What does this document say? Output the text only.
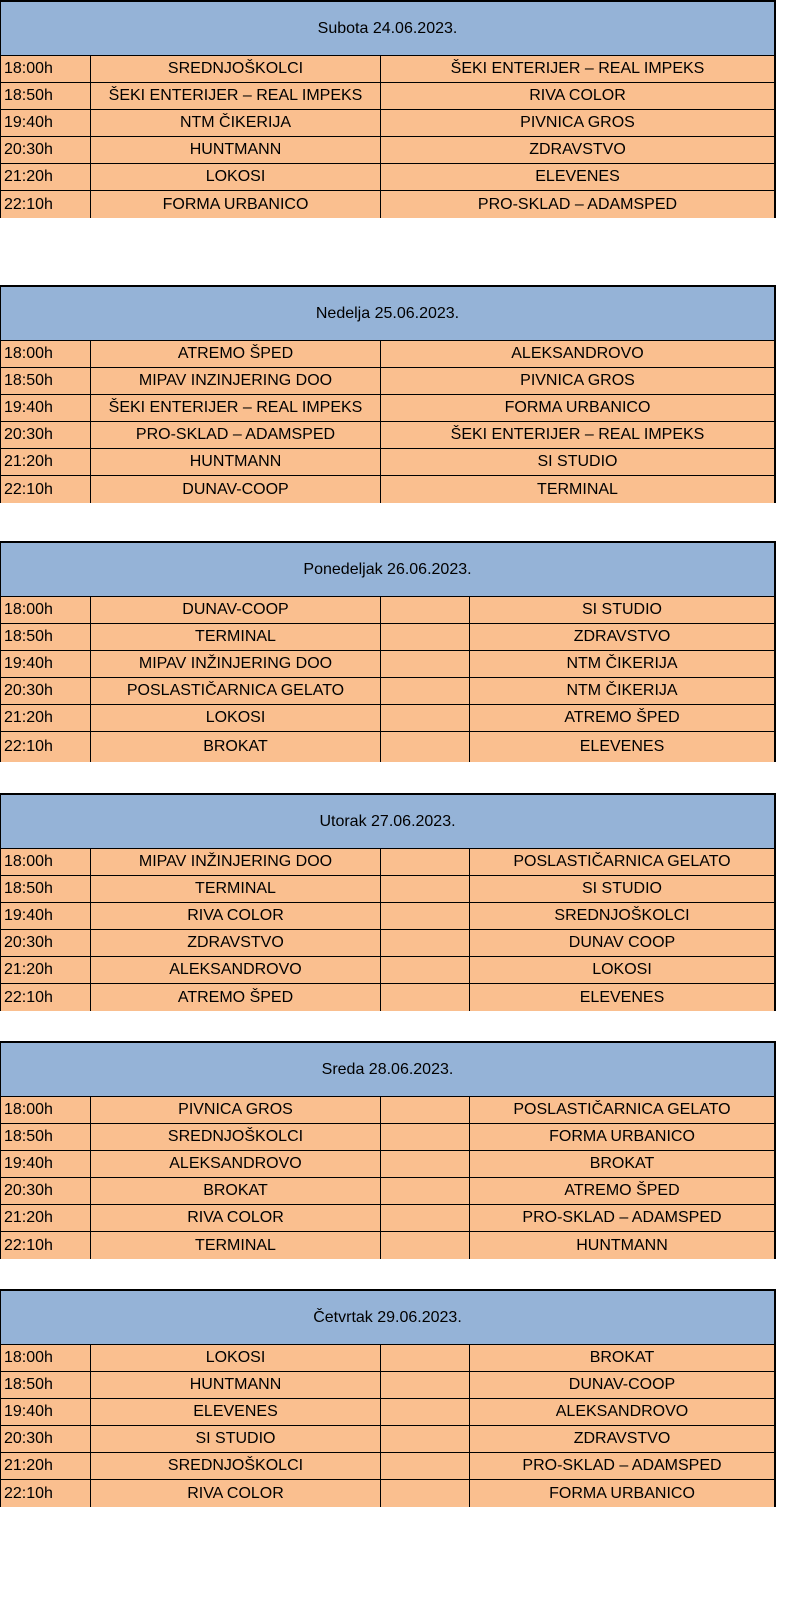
Subota 24.06.2023.
18:00h	SREDNJOŠKOLCI	ŠEKI ENTERIJER – REAL IMPEKS
18:50h	ŠEKI ENTERIJER – REAL IMPEKS	RIVA COLOR
19:40h	NTM ČIKERIJA	PIVNICA GROS
20:30h	HUNTMANN	ZDRAVSTVO
21:20h	LOKOSI	ELEVENES
22:10h	FORMA URBANICO	PRO-SKLAD – ADAMSPED
Nedelja 25.06.2023.
18:00h	ATREMO ŠPED	ALEKSANDROVO
18:50h	MIPAV INZINJERING DOO	PIVNICA GROS
19:40h	ŠEKI ENTERIJER – REAL IMPEKS	FORMA URBANICO
20:30h	PRO-SKLAD – ADAMSPED	ŠEKI ENTERIJER – REAL IMPEKS
21:20h	HUNTMANN	SI STUDIO
22:10h	DUNAV-COOP	TERMINAL
Ponedeljak 26.06.2023.
18:00h	DUNAV-COOP	SI STUDIO
18:50h	TERMINAL	ZDRAVSTVO
19:40h	MIPAV INŽINJERING DOO	NTM ČIKERIJA
20:30h	POSLASTIČARNICA GELATO	NTM ČIKERIJA
21:20h	LOKOSI	ATREMO ŠPED
22:10h	BROKAT	ELEVENES
Utorak 27.06.2023.
18:00h	MIPAV INŽINJERING DOO	POSLASTIČARNICA GELATO
18:50h	TERMINAL	SI STUDIO
19:40h	RIVA COLOR	SREDNJOŠKOLCI
20:30h	ZDRAVSTVO	DUNAV COOP
21:20h	ALEKSANDROVO	LOKOSI
22:10h	ATREMO ŠPED	ELEVENES
Sreda 28.06.2023.
18:00h	PIVNICA GROS	POSLASTIČARNICA GELATO
18:50h	SREDNJOŠKOLCI	FORMA URBANICO
19:40h	ALEKSANDROVO	BROKAT
20:30h	BROKAT	ATREMO ŠPED
21:20h	RIVA COLOR	PRO-SKLAD – ADAMSPED
22:10h	TERMINAL	HUNTMANN
Četvrtak 29.06.2023.
18:00h	LOKOSI	BROKAT
18:50h	HUNTMANN	DUNAV-COOP
19:40h	ELEVENES	ALEKSANDROVO
20:30h	SI STUDIO	ZDRAVSTVO
21:20h	SREDNJOŠKOLCI	PRO-SKLAD – ADAMSPED
22:10h	RIVA COLOR	FORMA URBANICO
